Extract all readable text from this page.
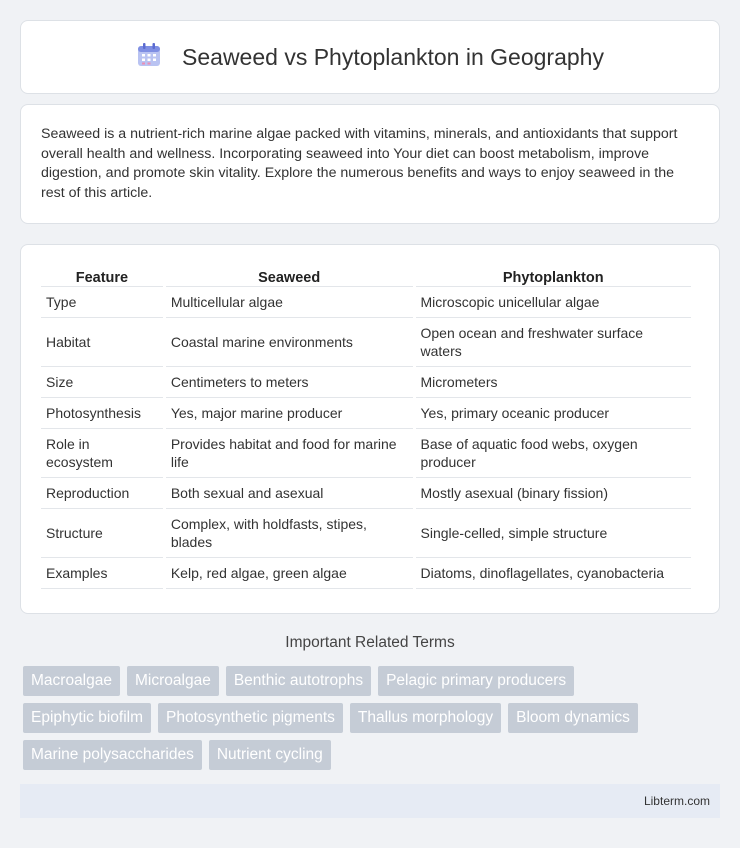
Seaweed vs Phytoplankton in Geography

Seaweed is a nutrient-rich marine algae packed with vitamins, minerals, and antioxidants that support overall health and wellness. Incorporating seaweed into Your diet can boost metabolism, improve digestion, and promote skin vitality. Explore the numerous benefits and ways to enjoy seaweed in the rest of this article.

Feature	Seaweed	Phytoplankton
Type	Multicellular algae	Microscopic unicellular algae
Habitat	Coastal marine environments	Open ocean and freshwater surface waters
Size	Centimeters to meters	Micrometers
Photosynthesis	Yes, major marine producer	Yes, primary oceanic producer
Role in ecosystem	Provides habitat and food for marine life	Base of aquatic food webs, oxygen producer
Reproduction	Both sexual and asexual	Mostly asexual (binary fission)
Structure	Complex, with holdfasts, stipes, blades	Single-celled, simple structure
Examples	Kelp, red algae, green algae	Diatoms, dinoflagellates, cyanobacteria
Important Related Terms
Macroalgae	Microalgae	Benthic autotrophs	Pelagic primary producers
Epiphytic biofilm	Photosynthetic pigments	Thallus morphology	Bloom dynamics
Marine polysaccharides	Nutrient cycling
Libterm.com
